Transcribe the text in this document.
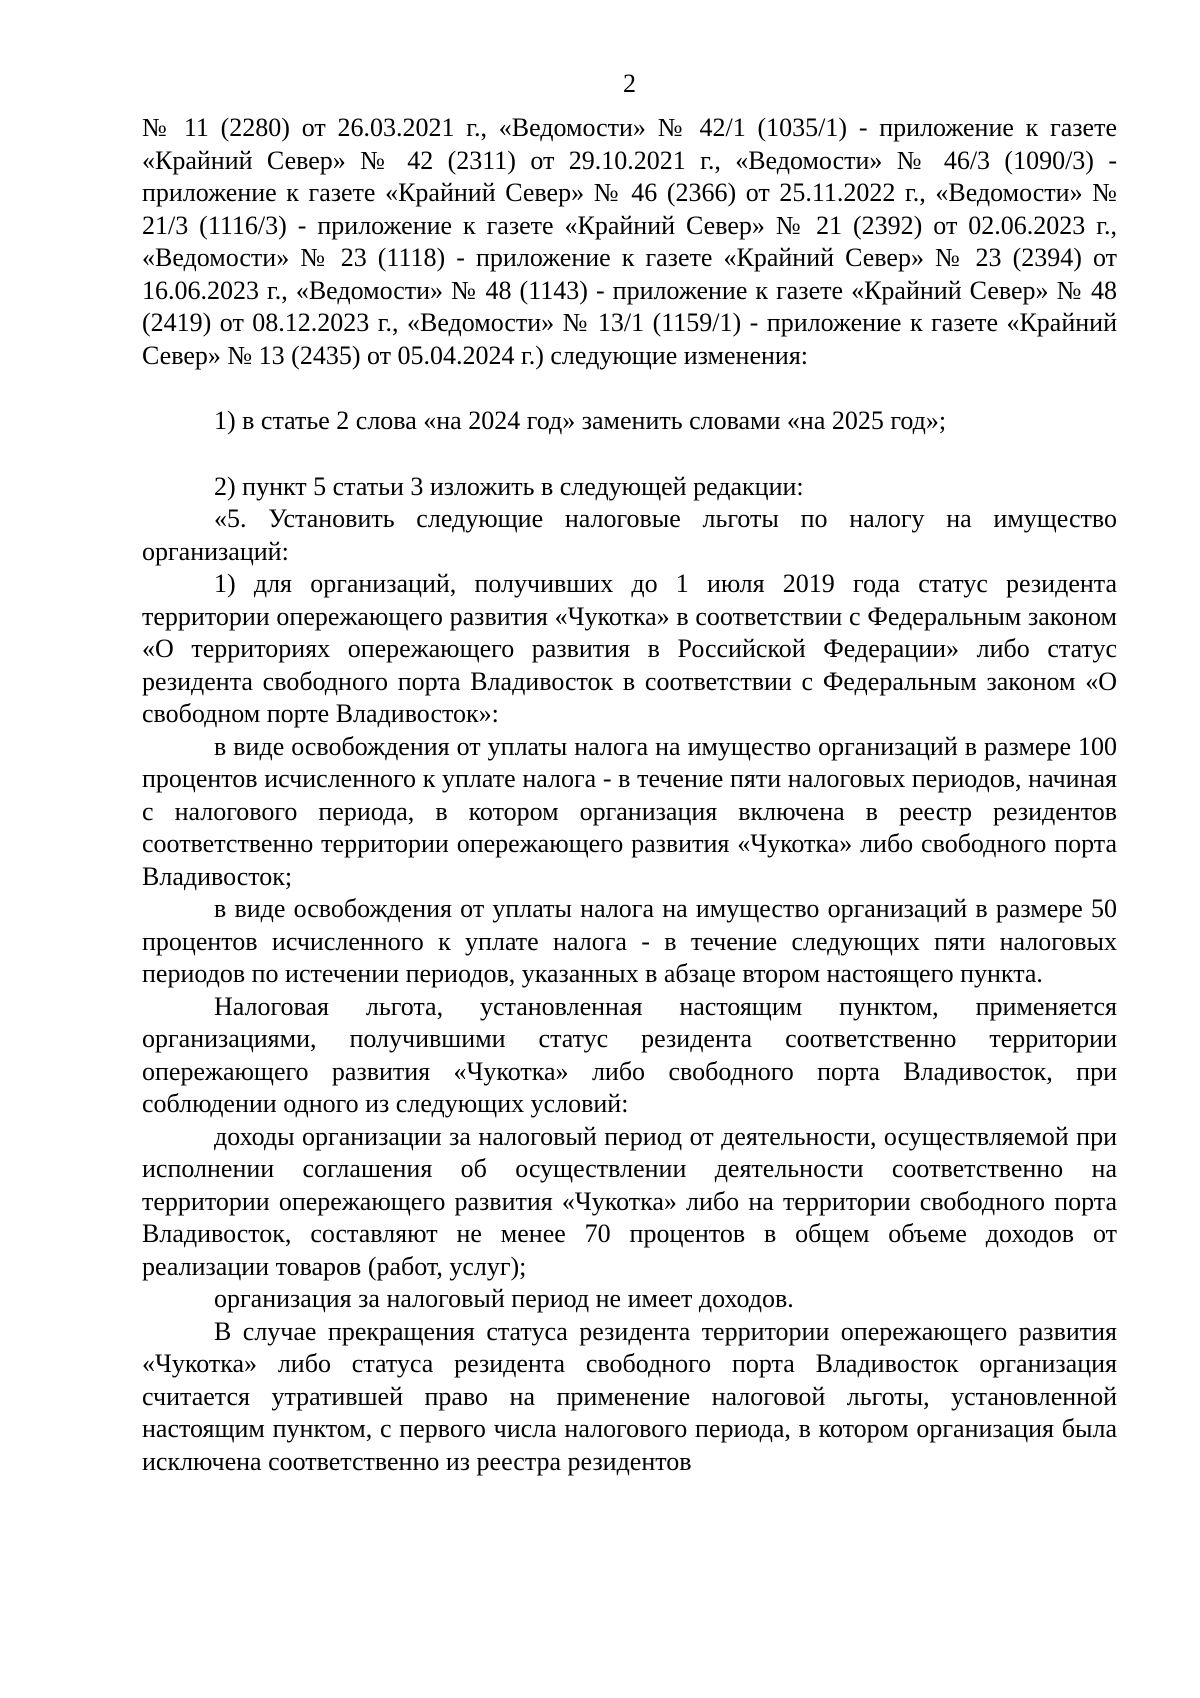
2

№ 11 (2280) от 26.03.2021 г., «Ведомости» № 42/1 (1035/1) - приложение к газете «Крайний Север» № 42 (2311) от 29.10.2021 г., «Ведомости» № 46/3 (1090/3) - приложение к газете «Крайний Север» № 46 (2366) от 25.11.2022 г., «Ведомости» № 21/3 (1116/3) - приложение к газете «Крайний Север» № 21 (2392) от 02.06.2023 г., «Ведомости» № 23 (1118) - приложение к газете «Крайний Север» № 23 (2394) от 16.06.2023 г., «Ведомости» № 48 (1143) - приложение к газете «Крайний Север» № 48 (2419) от 08.12.2023 г., «Ведомости» № 13/1 (1159/1) - приложение к газете «Крайний Север» № 13 (2435) от 05.04.2024 г.) следующие изменения:

1) в статье 2 слова «на 2024 год» заменить словами «на 2025 год»;

2) пункт 5 статьи 3 изложить в следующей редакции:

«5. Установить следующие налоговые льготы по налогу на имущество организаций:

1) для организаций, получивших до 1 июля 2019 года статус резидента территории опережающего развития «Чукотка» в соответствии с Федеральным законом «О территориях опережающего развития в Российской Федерации» либо статус резидента свободного порта Владивосток в соответствии с Федеральным законом «О свободном порте Владивосток»:

в виде освобождения от уплаты налога на имущество организаций в размере 100 процентов исчисленного к уплате налога - в течение пяти налоговых периодов, начиная с налогового периода, в котором организация включена в реестр резидентов соответственно территории опережающего развития «Чукотка» либо свободного порта Владивосток;

в виде освобождения от уплаты налога на имущество организаций в размере 50 процентов исчисленного к уплате налога - в течение следующих пяти налоговых периодов по истечении периодов, указанных в абзаце втором настоящего пункта.

Налоговая льгота, установленная настоящим пунктом, применяется организациями, получившими статус резидента соответственно территории опережающего развития «Чукотка» либо свободного порта Владивосток, при соблюдении одного из следующих условий:

доходы организации за налоговый период от деятельности, осуществляемой при исполнении соглашения об осуществлении деятельности соответственно на территории опережающего развития «Чукотка» либо на территории свободного порта Владивосток, составляют не менее 70 процентов в общем объеме доходов от реализации товаров (работ, услуг);

организация за налоговый период не имеет доходов.

В случае прекращения статуса резидента территории опережающего развития «Чукотка» либо статуса резидента свободного порта Владивосток организация считается утратившей право на применение налоговой льготы, установленной настоящим пунктом, с первого числа налогового периода, в котором организация была исключена соответственно из реестра резидентов
